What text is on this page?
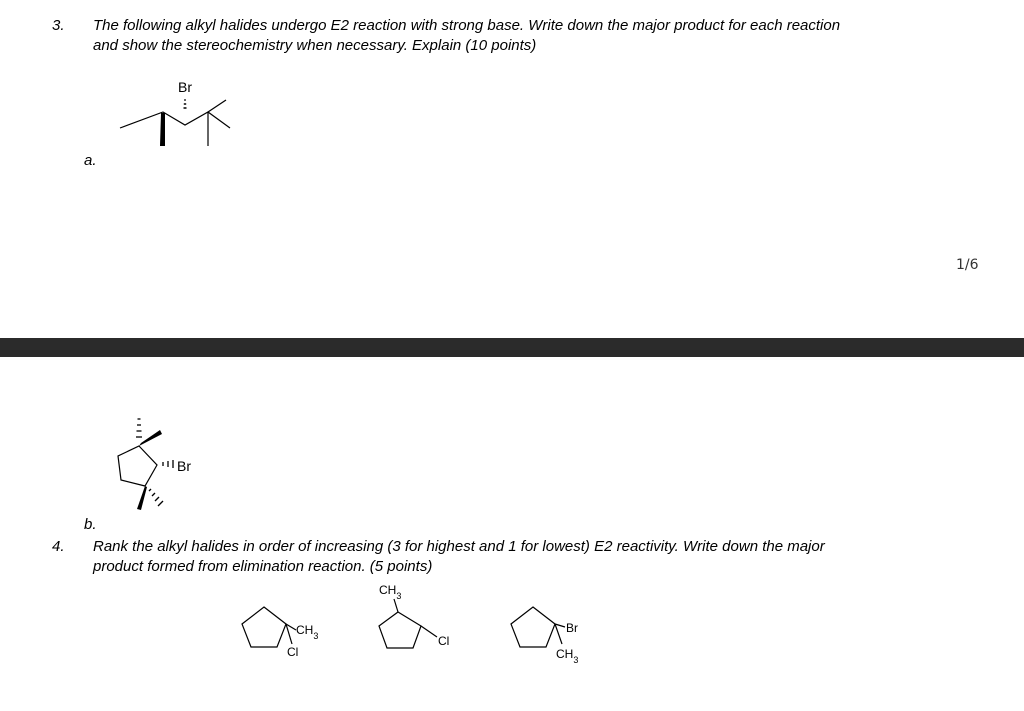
3. The following alkyl halides undergo E2 reaction with strong base. Write down the major product for each reaction
and show the stereochemistry when necessary. Explain (10 points)
Br
Br
$CH_3$
Cl
$CH_3$
Cl
Br
$CH_3$
a.
1/6
b.
4. Rank the alkyl halides in order of increasing (3 for highest and 1 for lowest) E2 reactivity. Write down the major
product formed from elimination reaction. (5 points)
